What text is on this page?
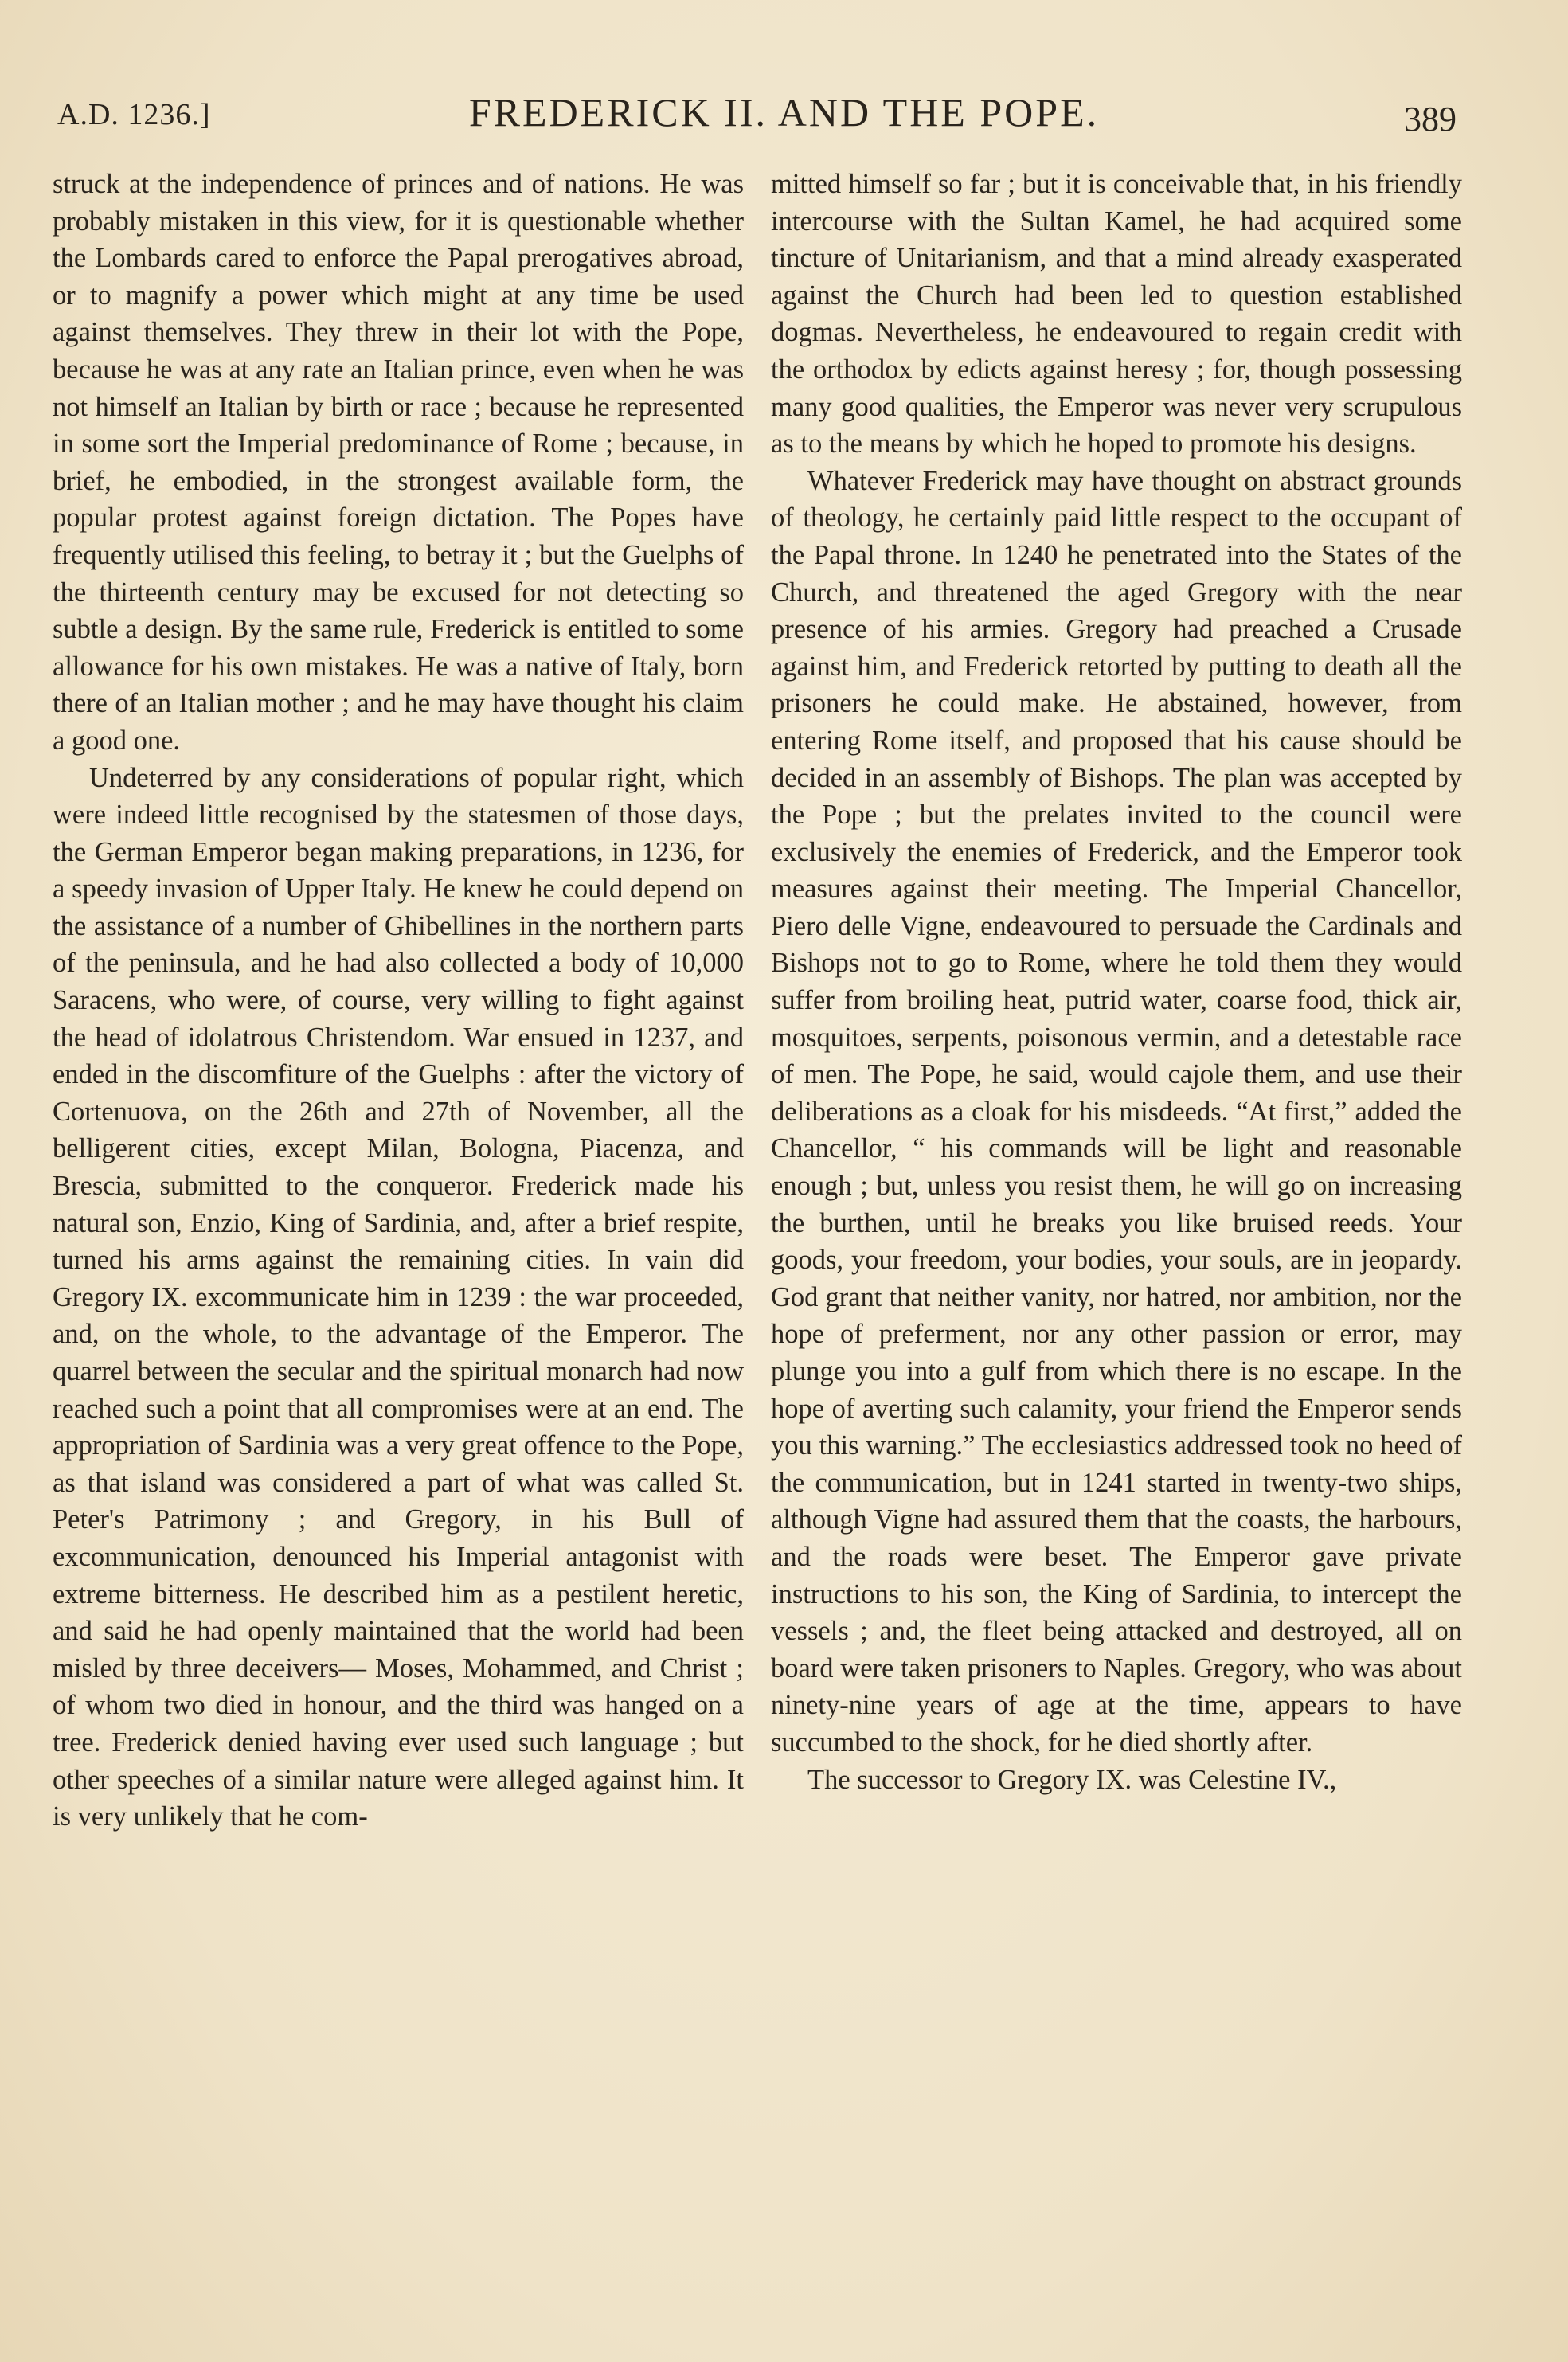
A.D. 1236.]	FREDERICK II. AND THE POPE.	389

struck at the independence of princes and of nations. He was probably mistaken in this view, for it is questionable whether the Lombards cared to enforce the Papal prerogatives abroad, or to magnify a power which might at any time be used against themselves. They threw in their lot with the Pope, because he was at any rate an Italian prince, even when he was not himself an Italian by birth or race ; because he represented in some sort the Imperial predominance of Rome ; because, in brief, he embodied, in the strongest available form, the popular protest against foreign dictation. The Popes have frequently utilised this feeling, to betray it ; but the Guelphs of the thirteenth century may be excused for not detecting so subtle a design. By the same rule, Frederick is entitled to some allowance for his own mistakes. He was a native of Italy, born there of an Italian mother ; and he may have thought his claim a good one.

Undeterred by any considerations of popular right, which were indeed little recognised by the statesmen of those days, the German Emperor began making preparations, in 1236, for a speedy invasion of Upper Italy. He knew he could depend on the assistance of a number of Ghibellines in the northern parts of the peninsula, and he had also collected a body of 10,000 Saracens, who were, of course, very willing to fight against the head of idolatrous Christendom. War ensued in 1237, and ended in the discomfiture of the Guelphs : after the victory of Cortenuova, on the 26th and 27th of November, all the belligerent cities, except Milan, Bologna, Piacenza, and Brescia, submitted to the conqueror. Frederick made his natural son, Enzio, King of Sardinia, and, after a brief respite, turned his arms against the remaining cities. In vain did Gregory IX. excommunicate him in 1239 : the war proceeded, and, on the whole, to the advantage of the Emperor. The quarrel between the secular and the spiritual monarch had now reached such a point that all compromises were at an end. The appropriation of Sardinia was a very great offence to the Pope, as that island was considered a part of what was called St. Peter's Patrimony ; and Gregory, in his Bull of excommunication, denounced his Imperial antagonist with extreme bitterness. He described him as a pestilent heretic, and said he had openly maintained that the world had been misled by three deceivers— Moses, Mohammed, and Christ ; of whom two died in honour, and the third was hanged on a tree. Frederick denied having ever used such language ; but other speeches of a similar nature were alleged against him. It is very unlikely that he com-

mitted himself so far ; but it is conceivable that, in his friendly intercourse with the Sultan Kamel, he had acquired some tincture of Unitarianism, and that a mind already exasperated against the Church had been led to question established dogmas. Nevertheless, he endeavoured to regain credit with the orthodox by edicts against heresy ; for, though possessing many good qualities, the Emperor was never very scrupulous as to the means by which he hoped to promote his designs.

Whatever Frederick may have thought on abstract grounds of theology, he certainly paid little respect to the occupant of the Papal throne. In 1240 he penetrated into the States of the Church, and threatened the aged Gregory with the near presence of his armies. Gregory had preached a Crusade against him, and Frederick retorted by putting to death all the prisoners he could make. He abstained, however, from entering Rome itself, and proposed that his cause should be decided in an assembly of Bishops. The plan was accepted by the Pope ; but the prelates invited to the council were exclusively the enemies of Frederick, and the Emperor took measures against their meeting. The Imperial Chancellor, Piero delle Vigne, endeavoured to persuade the Cardinals and Bishops not to go to Rome, where he told them they would suffer from broiling heat, putrid water, coarse food, thick air, mosquitoes, serpents, poisonous vermin, and a detestable race of men. The Pope, he said, would cajole them, and use their deliberations as a cloak for his misdeeds. “At first,” added the Chancellor, “ his commands will be light and reasonable enough ; but, unless you resist them, he will go on increasing the burthen, until he breaks you like bruised reeds. Your goods, your freedom, your bodies, your souls, are in jeopardy. God grant that neither vanity, nor hatred, nor ambition, nor the hope of preferment, nor any other passion or error, may plunge you into a gulf from which there is no escape. In the hope of averting such calamity, your friend the Emperor sends you this warning.” The ecclesiastics addressed took no heed of the communication, but in 1241 started in twenty-two ships, although Vigne had assured them that the coasts, the harbours, and the roads were beset. The Emperor gave private instructions to his son, the King of Sardinia, to intercept the vessels ; and, the fleet being attacked and destroyed, all on board were taken prisoners to Naples. Gregory, who was about ninety-nine years of age at the time, appears to have succumbed to the shock, for he died shortly after.

The successor to Gregory IX. was Celestine IV.,
